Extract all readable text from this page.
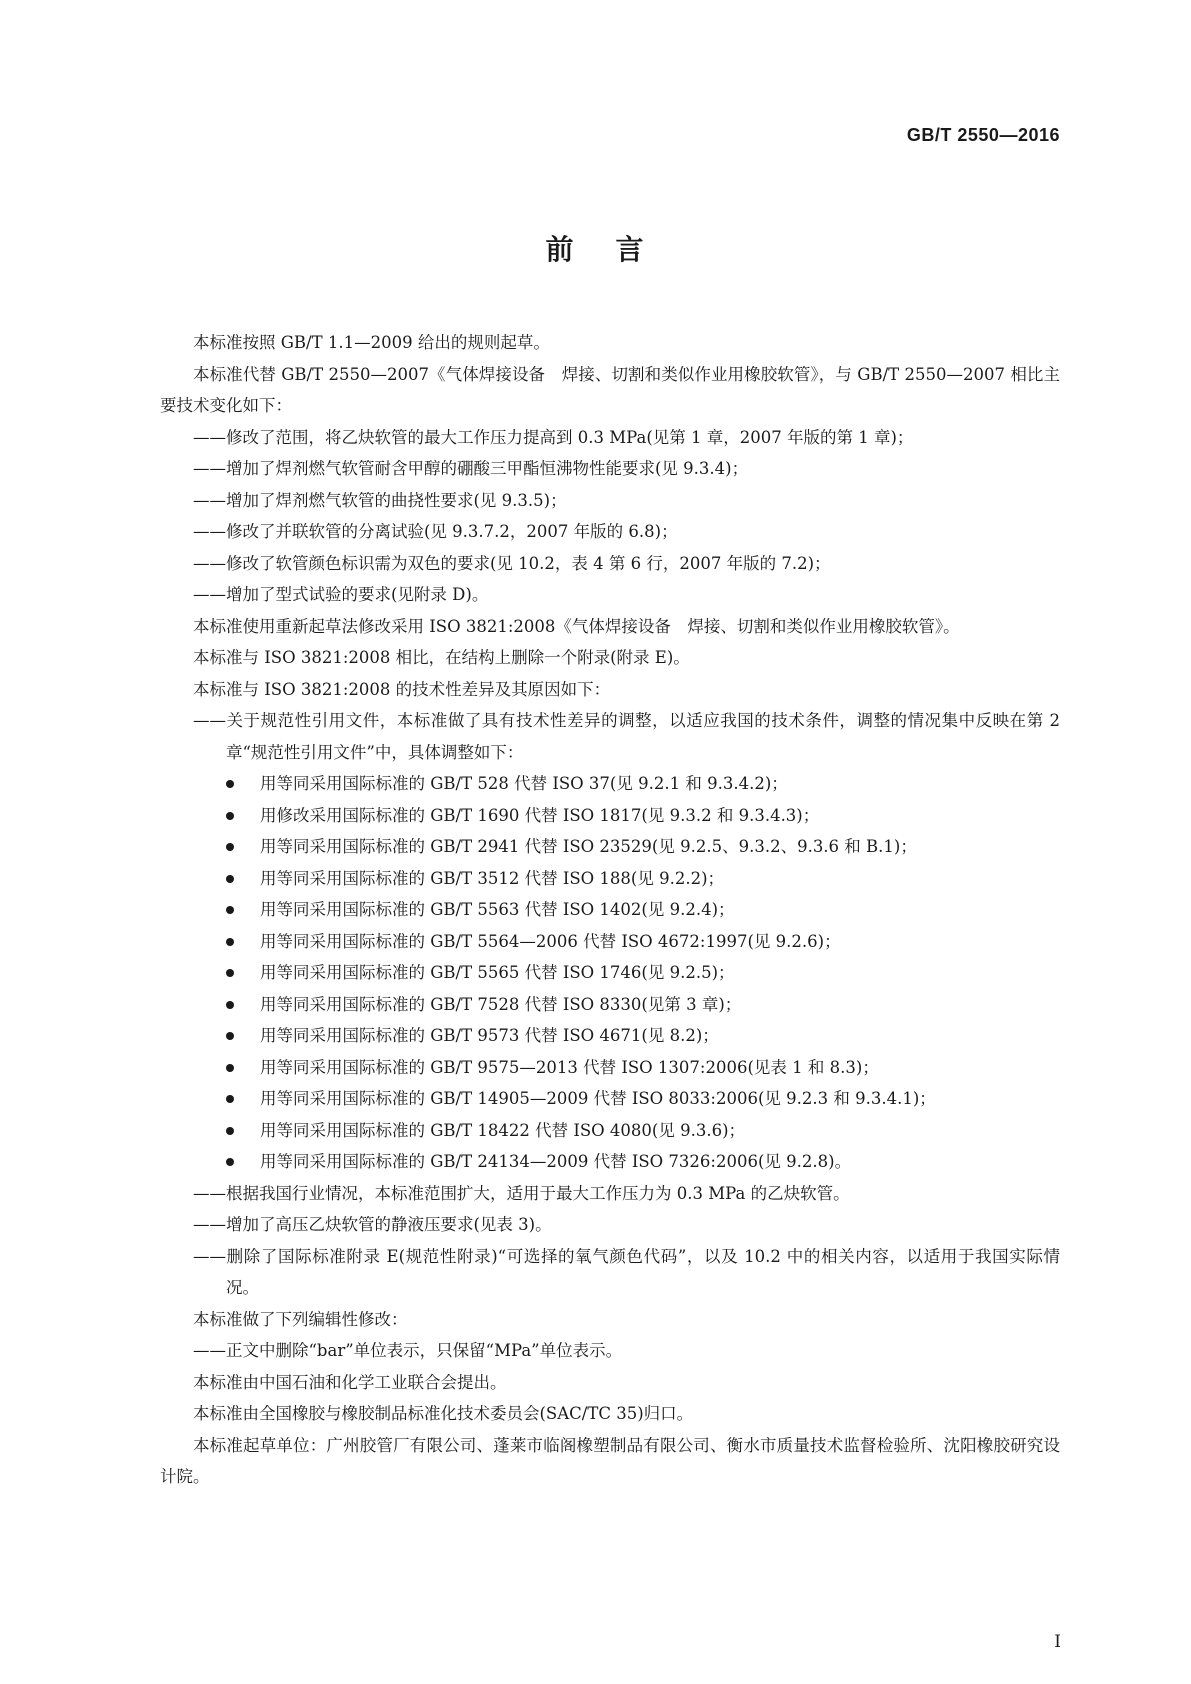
GB/T 2550—2016
前 言

本标准按照 GB/T 1.1—2009 给出的规则起草。

本标准代替 GB/T 2550—2007《气体焊接设备　焊接、切割和类似作业用橡胶软管》，与 GB/T 2550—2007 相比主要技术变化如下：

——修改了范围，将乙炔软管的最大工作压力提高到 0.3 MPa(见第 1 章，2007 年版的第 1 章)；

——增加了焊剂燃气软管耐含甲醇的硼酸三甲酯恒沸物性能要求(见 9.3.4)；

——增加了焊剂燃气软管的曲挠性要求(见 9.3.5)；

——修改了并联软管的分离试验(见 9.3.7.2，2007 年版的 6.8)；

——修改了软管颜色标识需为双色的要求(见 10.2，表 4 第 6 行，2007 年版的 7.2)；

——增加了型式试验的要求(见附录 D)。

本标准使用重新起草法修改采用 ISO 3821:2008《气体焊接设备　焊接、切割和类似作业用橡胶软管》。

本标准与 ISO 3821:2008 相比，在结构上删除一个附录(附录 E)。

本标准与 ISO 3821:2008 的技术性差异及其原因如下：

——关于规范性引用文件，本标准做了具有技术性差异的调整，以适应我国的技术条件，调整的情况集中反映在第 2 章“规范性引用文件”中，具体调整如下：

用等同采用国际标准的 GB/T 528 代替 ISO 37(见 9.2.1 和 9.3.4.2)；

用修改采用国际标准的 GB/T 1690 代替 ISO 1817(见 9.3.2 和 9.3.4.3)；

用等同采用国际标准的 GB/T 2941 代替 ISO 23529(见 9.2.5、9.3.2、9.3.6 和 B.1)；

用等同采用国际标准的 GB/T 3512 代替 ISO 188(见 9.2.2)；

用等同采用国际标准的 GB/T 5563 代替 ISO 1402(见 9.2.4)；

用等同采用国际标准的 GB/T 5564—2006 代替 ISO 4672:1997(见 9.2.6)；

用等同采用国际标准的 GB/T 5565 代替 ISO 1746(见 9.2.5)；

用等同采用国际标准的 GB/T 7528 代替 ISO 8330(见第 3 章)；

用等同采用国际标准的 GB/T 9573 代替 ISO 4671(见 8.2)；

用等同采用国际标准的 GB/T 9575—2013 代替 ISO 1307:2006(见表 1 和 8.3)；

用等同采用国际标准的 GB/T 14905—2009 代替 ISO 8033:2006(见 9.2.3 和 9.3.4.1)；

用等同采用国际标准的 GB/T 18422 代替 ISO 4080(见 9.3.6)；

用等同采用国际标准的 GB/T 24134—2009 代替 ISO 7326:2006(见 9.2.8)。

——根据我国行业情况，本标准范围扩大，适用于最大工作压力为 0.3 MPa 的乙炔软管。

——增加了高压乙炔软管的静液压要求(见表 3)。

——删除了国际标准附录 E(规范性附录)“可选择的氧气颜色代码”，以及 10.2 中的相关内容，以适用于我国实际情况。

本标准做了下列编辑性修改：

——正文中删除“bar”单位表示，只保留“MPa”单位表示。

本标准由中国石油和化学工业联合会提出。

本标准由全国橡胶与橡胶制品标准化技术委员会(SAC/TC 35)归口。

本标准起草单位：广州胶管厂有限公司、蓬莱市临阁橡塑制品有限公司、衡水市质量技术监督检验所、沈阳橡胶研究设计院。

I
